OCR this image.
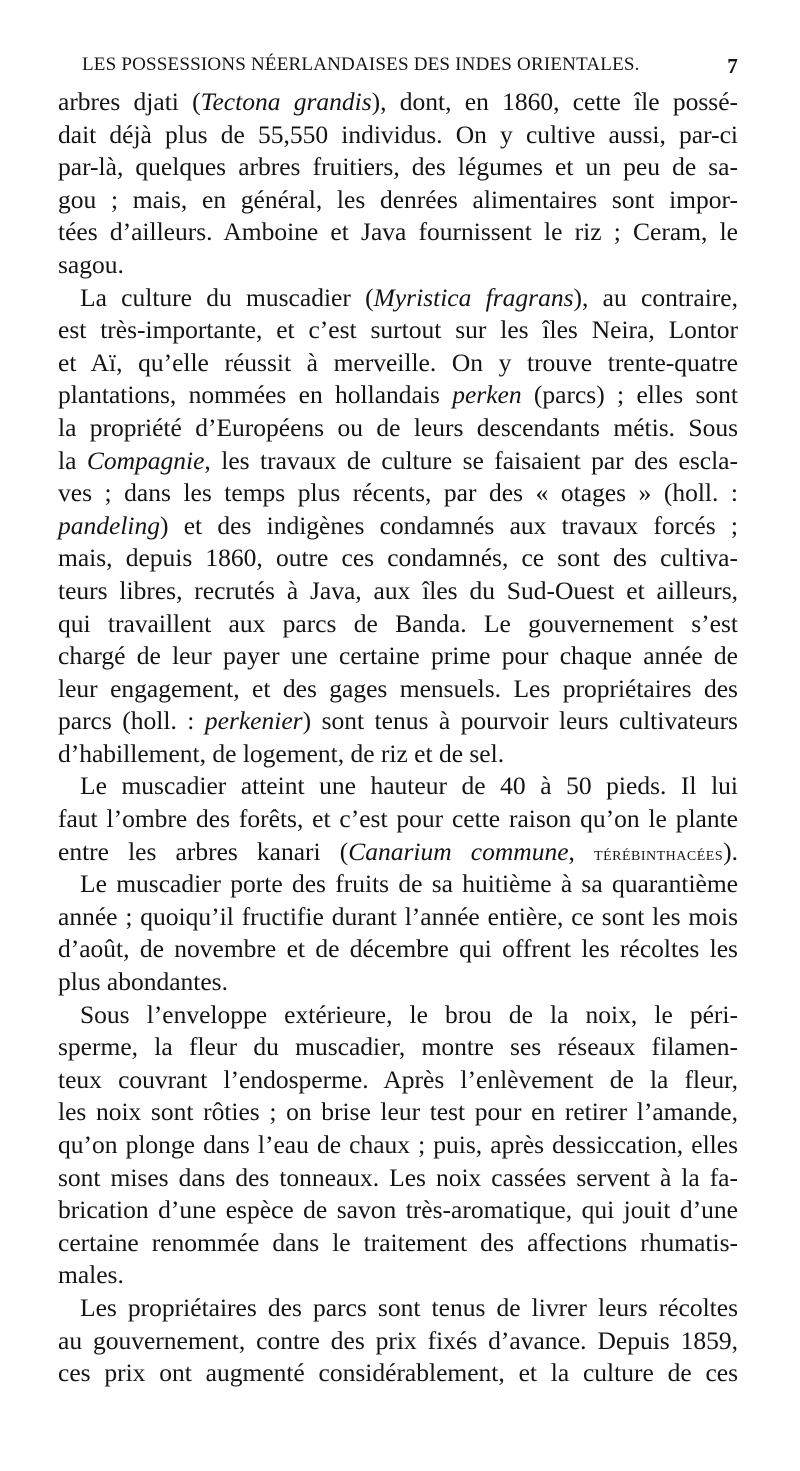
LES POSSESSIONS NÉERLANDAISES DES INDES ORIENTALES.	7
arbres djati (Tectona grandis), dont, en 1860, cette île possé-
dait déjà plus de 55,550 individus. On y cultive aussi, par-ci
par-là, quelques arbres fruitiers, des légumes et un peu de sa-
gou ; mais, en général, les denrées alimentaires sont impor-
tées d’ailleurs. Amboine et Java fournissent le riz ; Ceram, le
sagou.
La culture du muscadier (Myristica fragrans), au contraire,
est très-importante, et c’est surtout sur les îles Neira, Lontor
et Aï, qu’elle réussit à merveille. On y trouve trente-quatre
plantations, nommées en hollandais perken (parcs) ; elles sont
la propriété d’Européens ou de leurs descendants métis. Sous
la Compagnie, les travaux de culture se faisaient par des escla-
ves ; dans les temps plus récents, par des « otages » (holl. :
pandeling) et des indigènes condamnés aux travaux forcés ;
mais, depuis 1860, outre ces condamnés, ce sont des cultiva-
teurs libres, recrutés à Java, aux îles du Sud-Ouest et ailleurs,
qui travaillent aux parcs de Banda. Le gouvernement s’est
chargé de leur payer une certaine prime pour chaque année de
leur engagement, et des gages mensuels. Les propriétaires des
parcs (holl. : perkenier) sont tenus à pourvoir leurs cultivateurs
d’habillement, de logement, de riz et de sel.
Le muscadier atteint une hauteur de 40 à 50 pieds. Il lui
faut l’ombre des forêts, et c’est pour cette raison qu’on le plante
entre les arbres kanari (Canarium commune, térébinthacées).
Le muscadier porte des fruits de sa huitième à sa quarantième
année ; quoiqu’il fructifie durant l’année entière, ce sont les mois
d’août, de novembre et de décembre qui offrent les récoltes les
plus abondantes.
Sous l’enveloppe extérieure, le brou de la noix, le péri-
sperme, la fleur du muscadier, montre ses réseaux filamen-
teux couvrant l’endosperme. Après l’enlèvement de la fleur,
les noix sont rôties ; on brise leur test pour en retirer l’amande,
qu’on plonge dans l’eau de chaux ; puis, après dessiccation, elles
sont mises dans des tonneaux. Les noix cassées servent à la fa-
brication d’une espèce de savon très-aromatique, qui jouit d’une
certaine renommée dans le traitement des affections rhumatis-
males.
Les propriétaires des parcs sont tenus de livrer leurs récoltes
au gouvernement, contre des prix fixés d’avance. Depuis 1859,
ces prix ont augmenté considérablement, et la culture de ces
